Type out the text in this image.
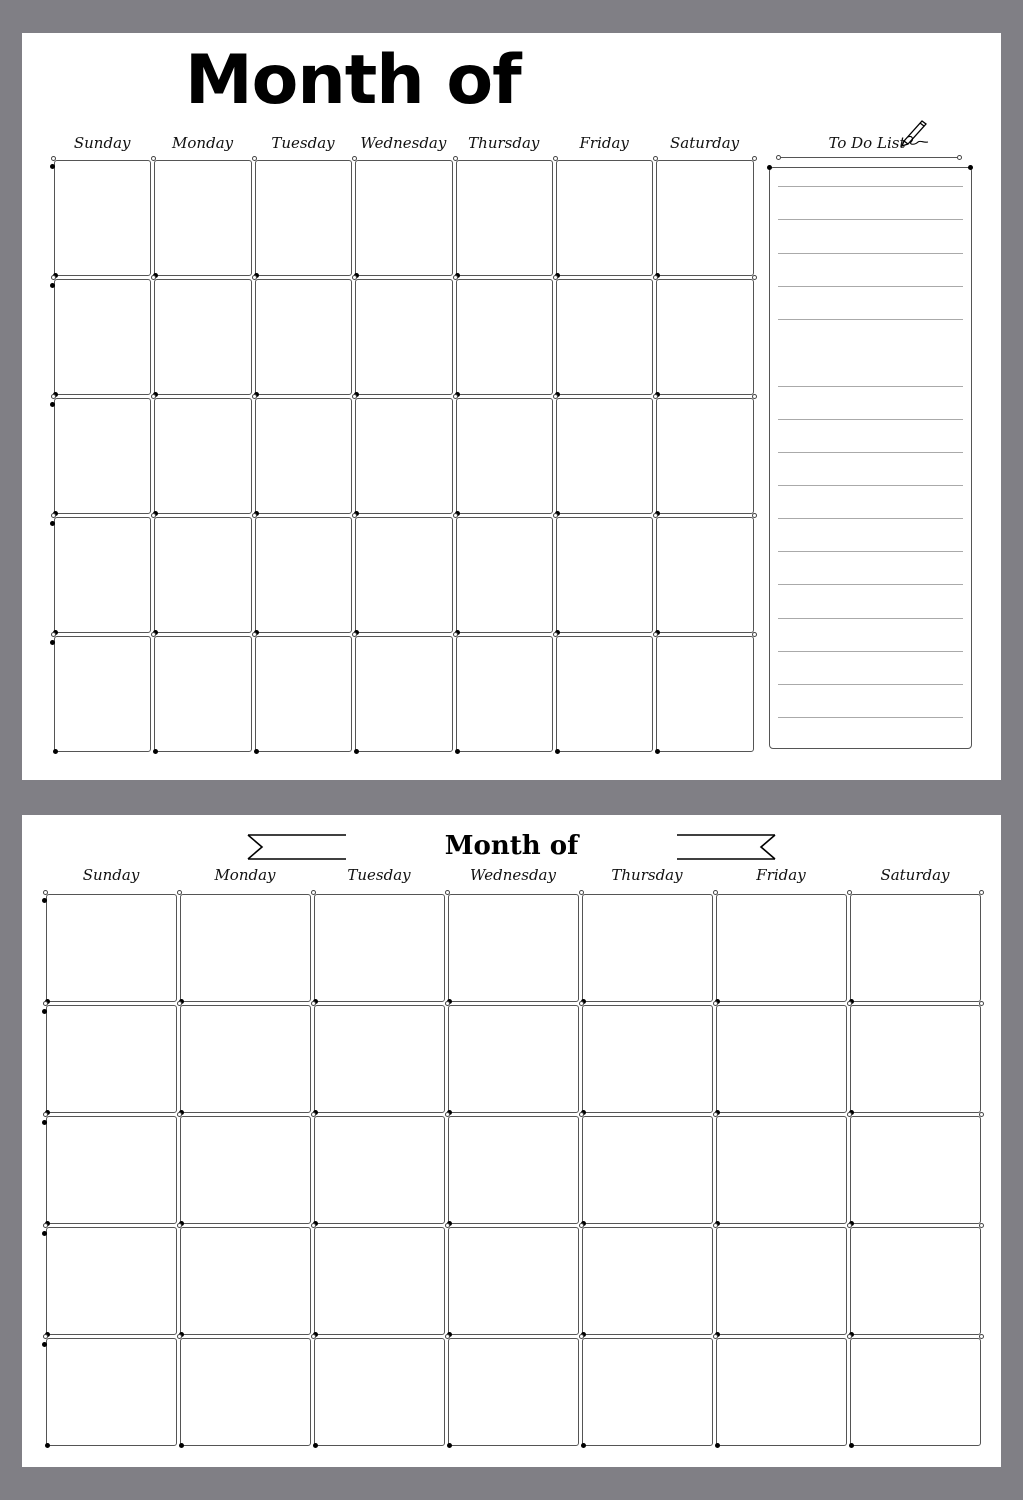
Month of
Sunday	Monday	Tuesday	Wednesday	Thursday	Friday	Saturday	To Do List
Month of
Sunday	Monday	Tuesday	Wednesday	Thursday	Friday	Saturday
